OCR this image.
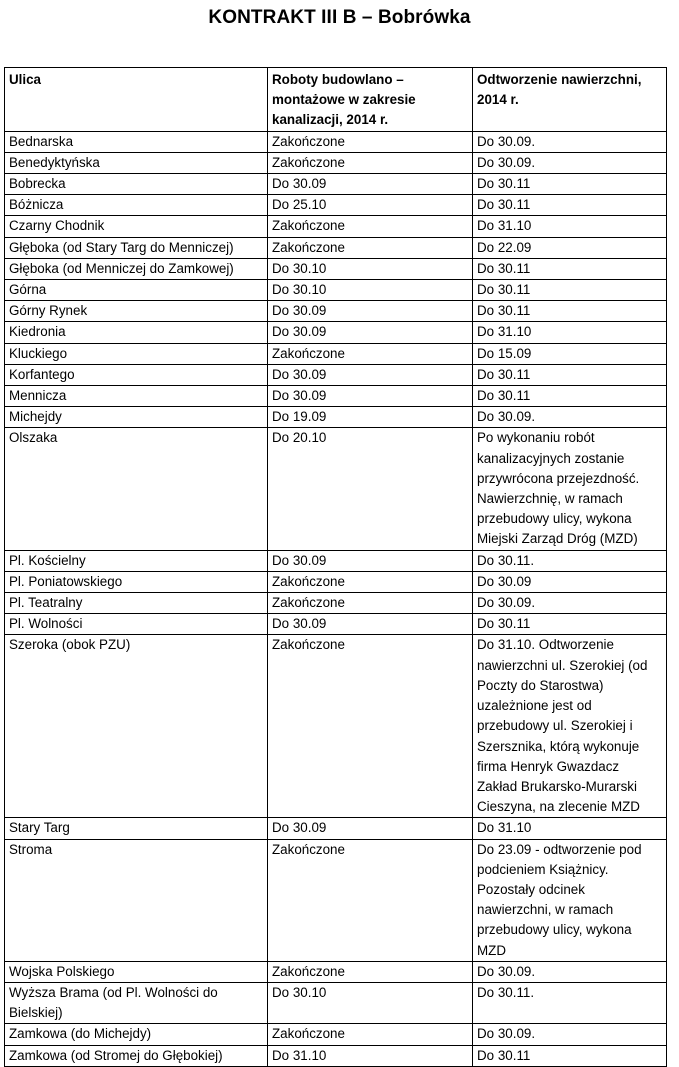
KONTRAKT III B – Bobrówka
Ulica	Roboty budowlano – montażowe w zakresie kanalizacji, 2014 r.	Odtworzenie nawierzchni, 2014 r.
Bednarska	Zakończone	Do 30.09.
Benedyktyńska	Zakończone	Do 30.09.
Bobrecka	Do 30.09	Do 30.11
Bóżnicza	Do 25.10	Do 30.11
Czarny Chodnik	Zakończone	Do 31.10
Głęboka (od Stary Targ do Menniczej)	Zakończone	Do 22.09
Głęboka (od Menniczej do Zamkowej)	Do 30.10	Do 30.11
Górna	Do 30.10	Do 30.11
Górny Rynek	Do 30.09	Do 30.11
Kiedronia	Do 30.09	Do 31.10
Kluckiego	Zakończone	Do 15.09
Korfantego	Do 30.09	Do 30.11
Mennicza	Do 30.09	Do 30.11
Michejdy	Do 19.09	Do 30.09.
Olszaka	Do 20.10	Po wykonaniu robót kanalizacyjnych zostanie przywrócona przejezdność. Nawierzchnię, w ramach przebudowy ulicy, wykona Miejski Zarząd Dróg (MZD)
Pl. Kościelny	Do 30.09	Do 30.11.
Pl. Poniatowskiego	Zakończone	Do 30.09
Pl. Teatralny	Zakończone	Do 30.09.
Pl. Wolności	Do 30.09	Do 30.11
Szeroka (obok PZU)	Zakończone	Do 31.10. Odtworzenie nawierzchni ul. Szerokiej (od Poczty do Starostwa) uzależnione jest od przebudowy ul. Szerokiej i Szersznika, którą wykonuje firma Henryk Gwazdacz Zakład Brukarsko-Murarski Cieszyna, na zlecenie MZD
Stary Targ	Do 30.09	Do 31.10
Stroma	Zakończone	Do 23.09 - odtworzenie pod podcieniem Książnicy. Pozostały odcinek nawierzchni, w ramach przebudowy ulicy, wykona MZD
Wojska Polskiego	Zakończone	Do 30.09.
Wyższa Brama (od Pl. Wolności do Bielskiej)	Do 30.10	Do 30.11.
Zamkowa (do Michejdy)	Zakończone	Do 30.09.
Zamkowa (od Stromej do Głębokiej)	Do 31.10	Do 30.11
